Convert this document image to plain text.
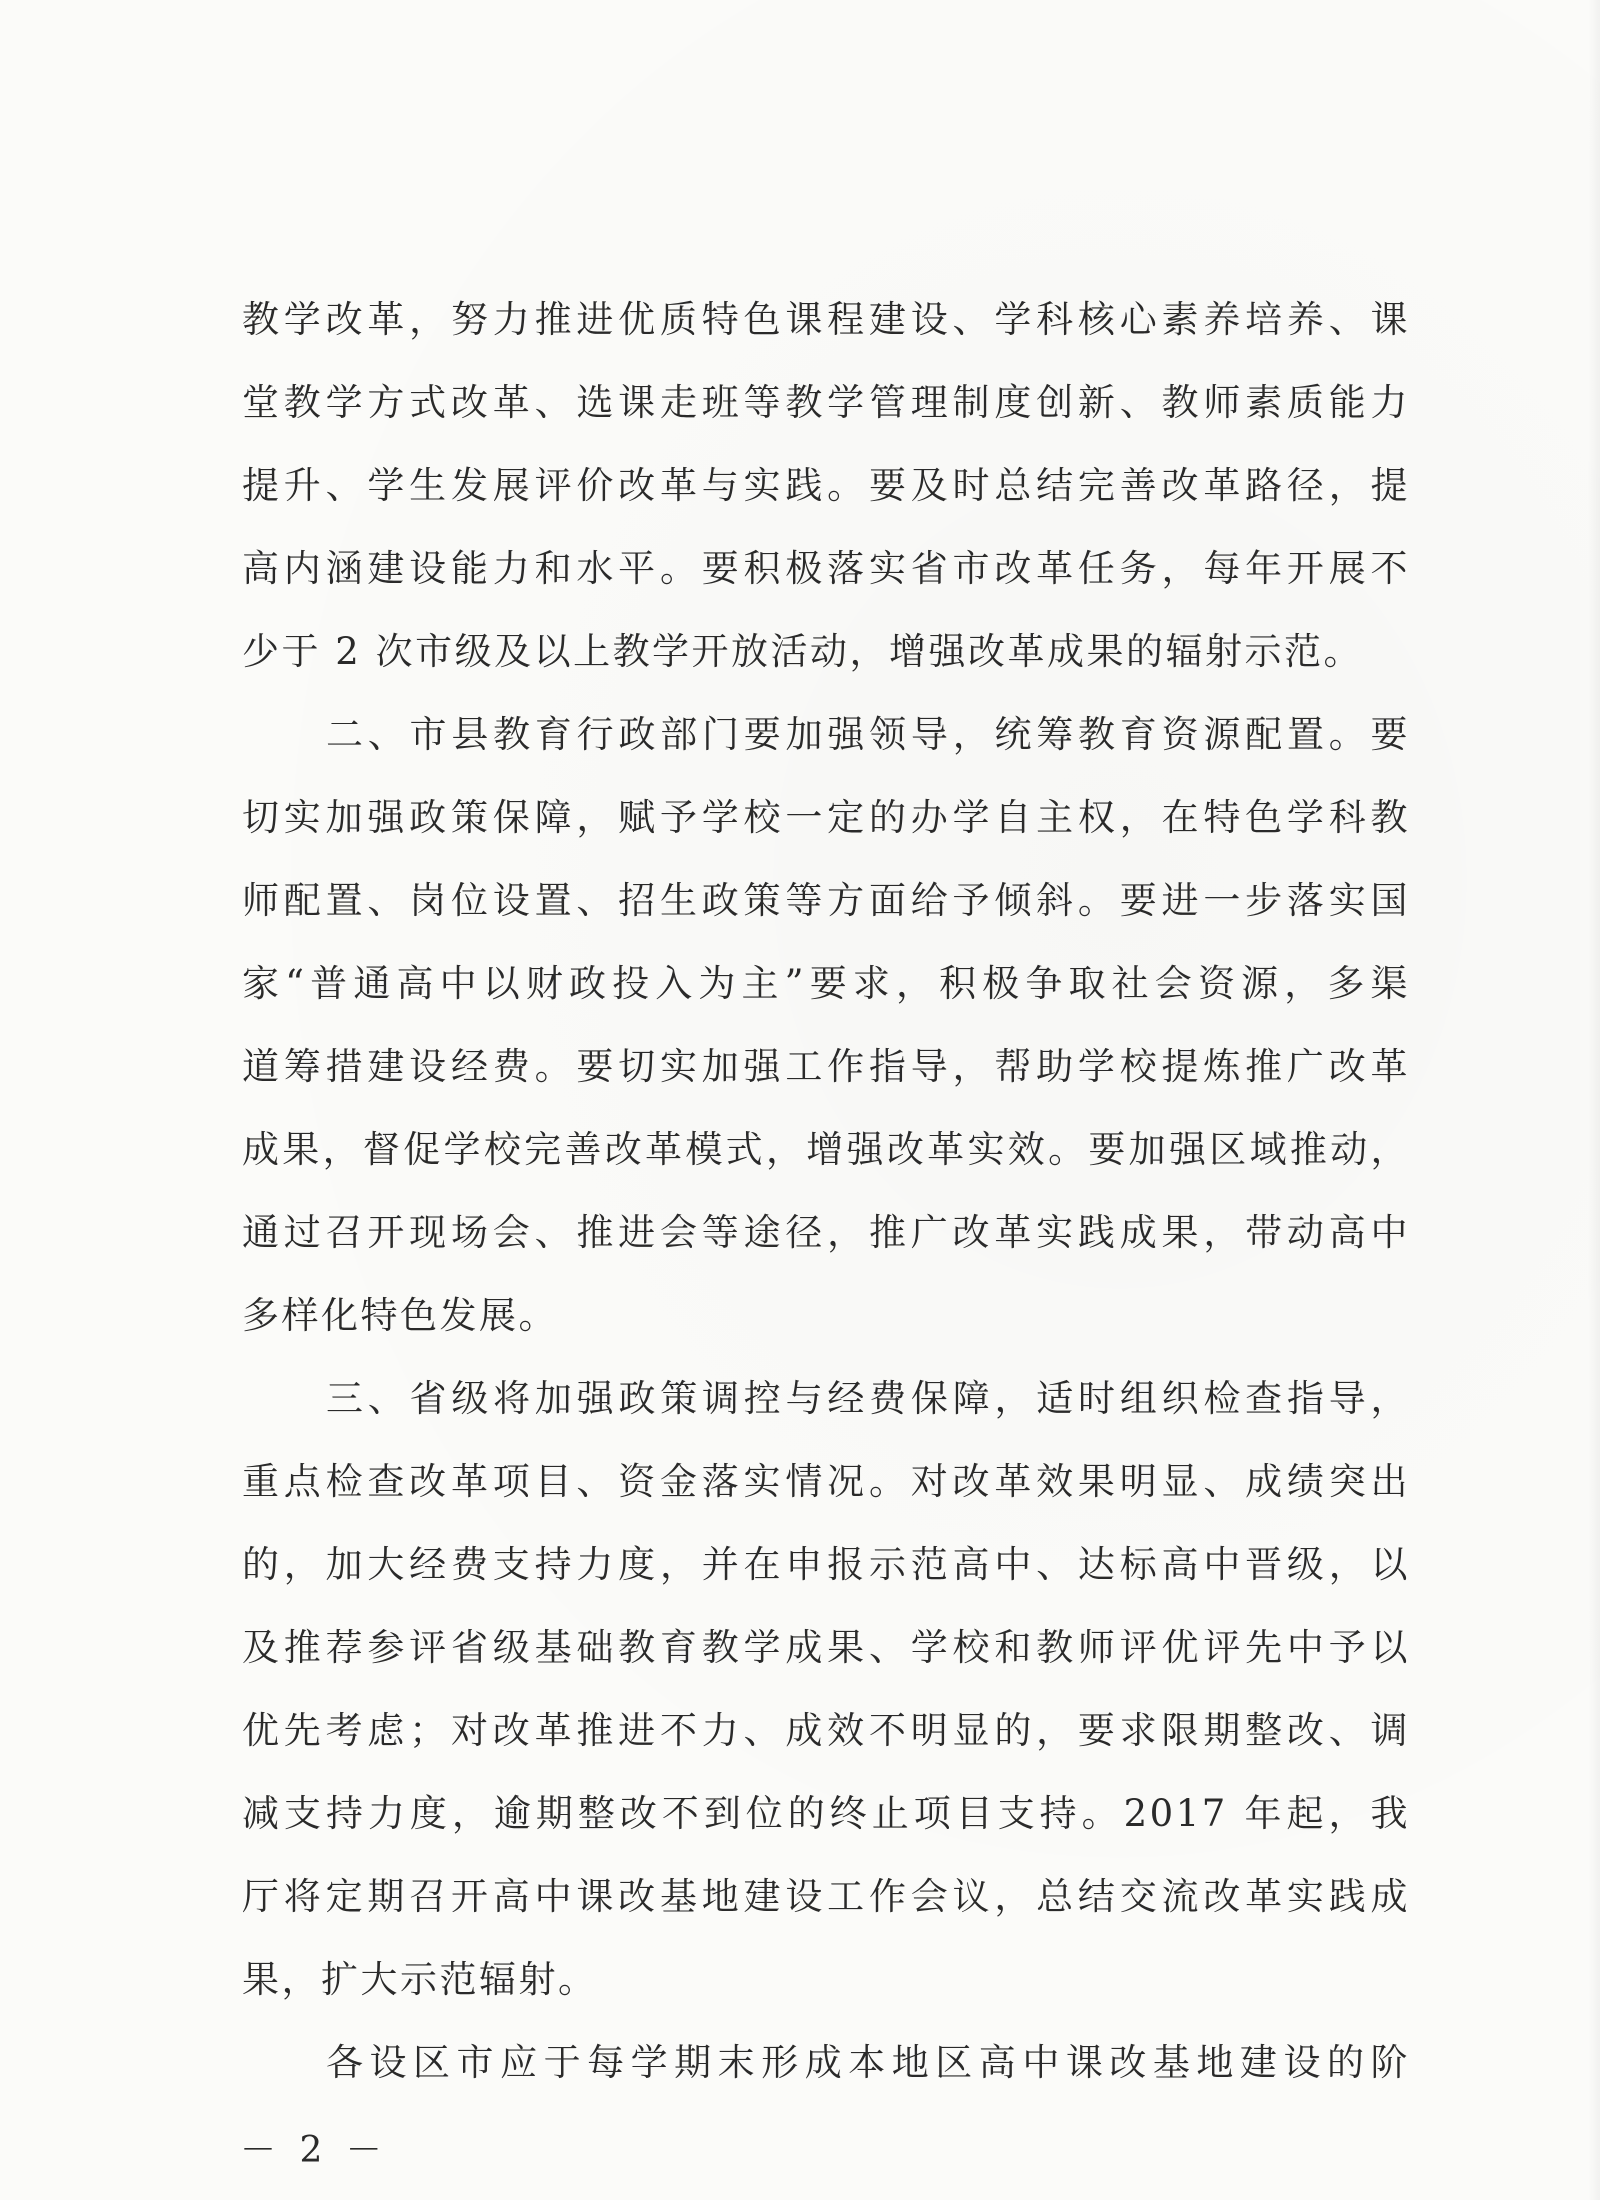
教学改革，努力推进优质特色课程建设、学科核心素养培养、课
堂教学方式改革、选课走班等教学管理制度创新、教师素质能力
提升、学生发展评价改革与实践。要及时总结完善改革路径，提
高内涵建设能力和水平。要积极落实省市改革任务，每年开展不
少于 2 次市级及以上教学开放活动，增强改革成果的辐射示范。
二、市县教育行政部门要加强领导，统筹教育资源配置。要
切实加强政策保障，赋予学校一定的办学自主权，在特色学科教
师配置、岗位设置、招生政策等方面给予倾斜。要进一步落实国
家“普通高中以财政投入为主”要求，积极争取社会资源，多渠
道筹措建设经费。要切实加强工作指导，帮助学校提炼推广改革
成果，督促学校完善改革模式，增强改革实效。要加强区域推动，
通过召开现场会、推进会等途径，推广改革实践成果，带动高中
多样化特色发展。
三、省级将加强政策调控与经费保障，适时组织检查指导，
重点检查改革项目、资金落实情况。对改革效果明显、成绩突出
的，加大经费支持力度，并在申报示范高中、达标高中晋级，以
及推荐参评省级基础教育教学成果、学校和教师评优评先中予以
优先考虑；对改革推进不力、成效不明显的，要求限期整改、调
减支持力度，逾期整改不到位的终止项目支持。2017 年起，我
厅将定期召开高中课改基地建设工作会议，总结交流改革实践成
果，扩大示范辐射。
各设区市应于每学期末形成本地区高中课改基地建设的阶
－ 2 －
